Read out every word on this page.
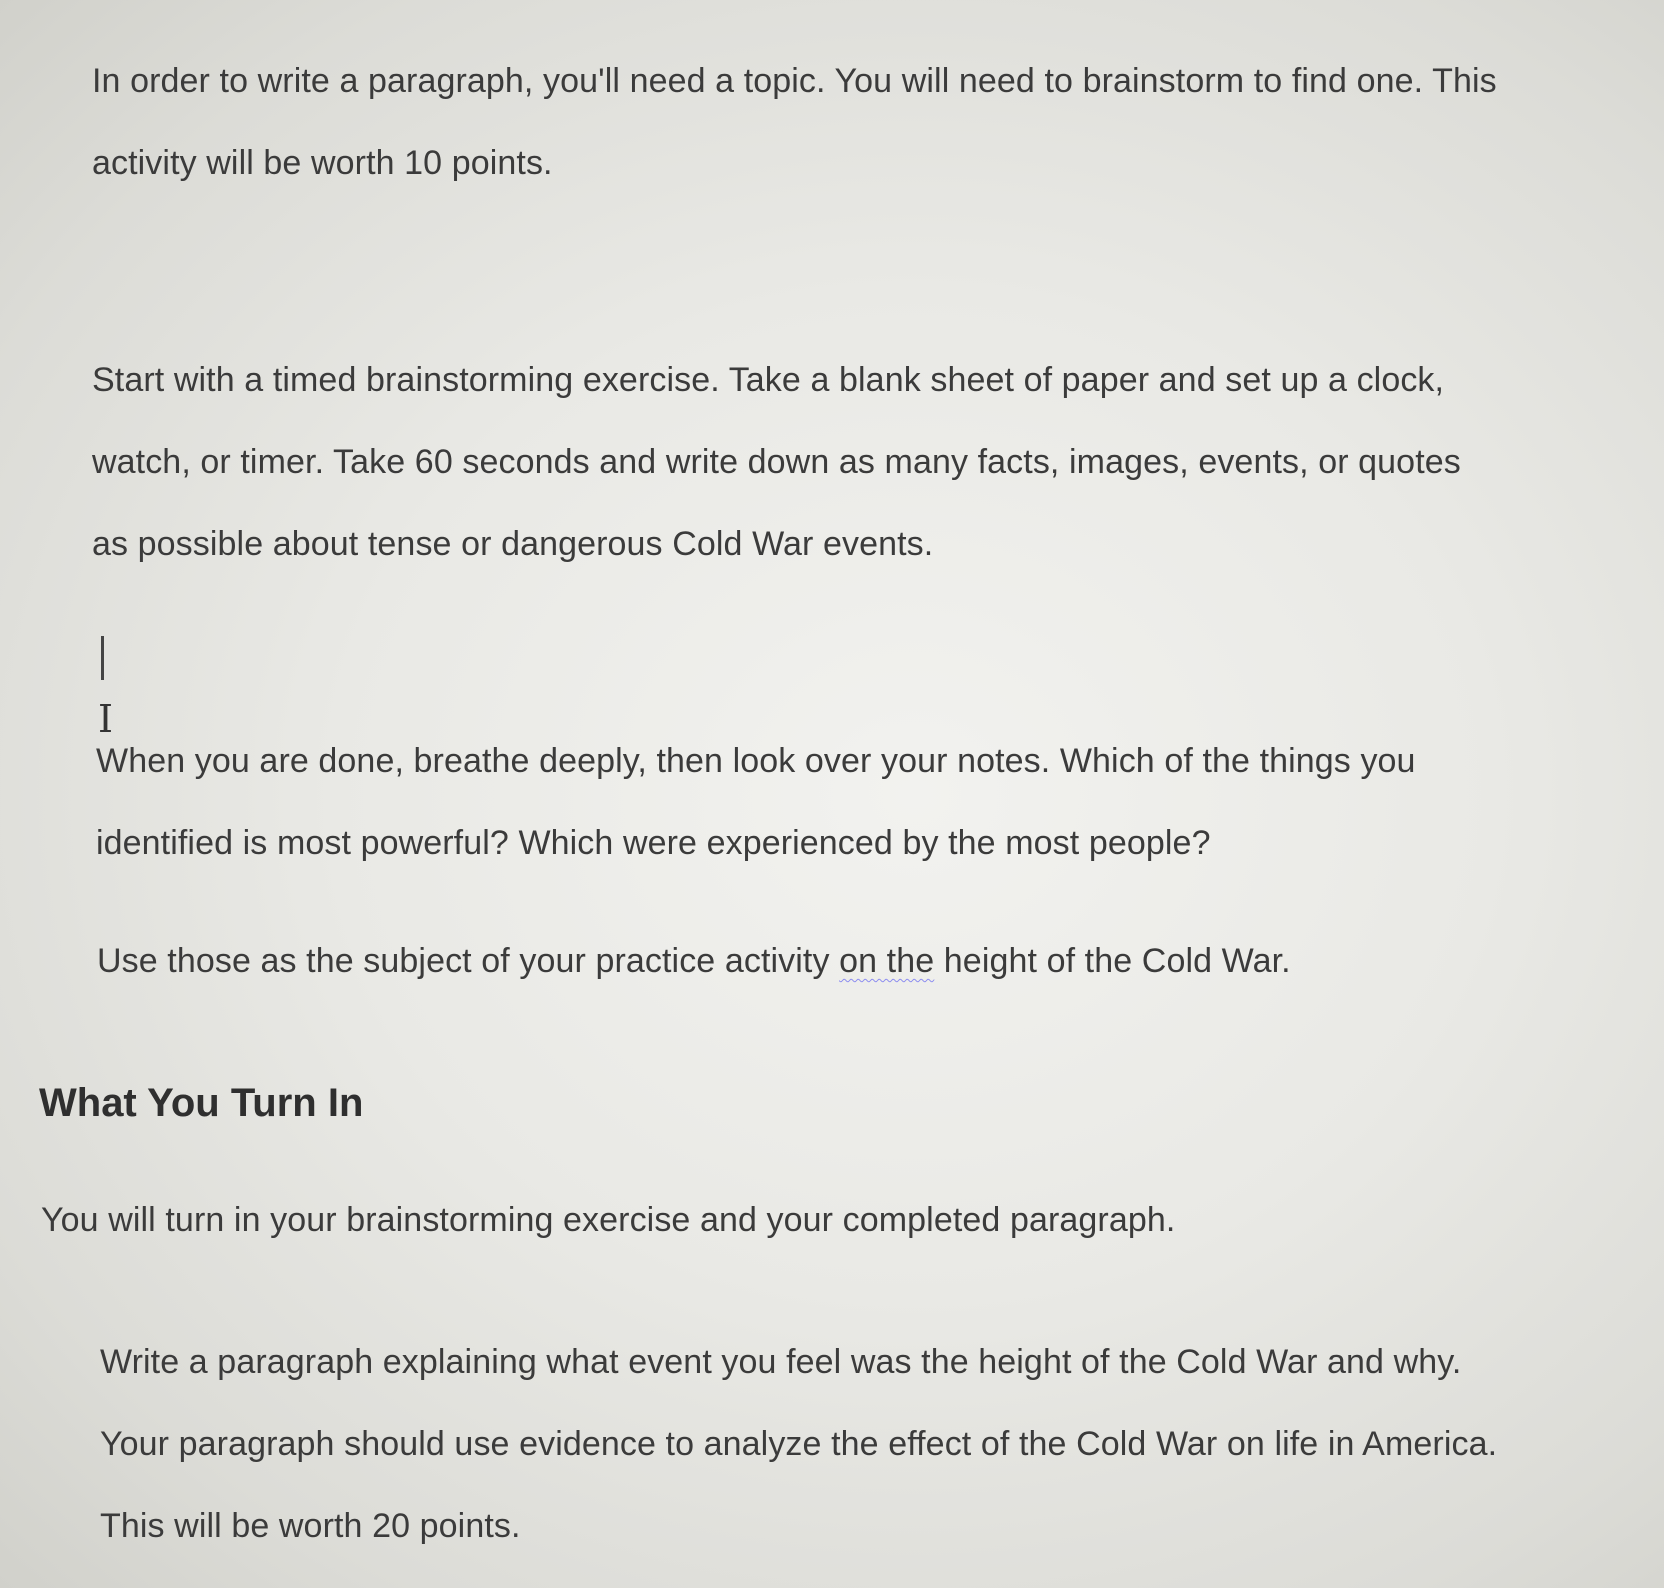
In order to write a paragraph, you'll need a topic. You will need to brainstorm to find one. This
activity will be worth 10 points.

Start with a timed brainstorming exercise. Take a blank sheet of paper and set up a clock,
watch, or timer. Take 60 seconds and write down as many facts, images, events, or quotes
as possible about tense or dangerous Cold War events.

I

When you are done, breathe deeply, then look over your notes. Which of the things you
identified is most powerful? Which were experienced by the most people?

Use those as the subject of your practice activity on the height of the Cold War.

What You Turn In

You will turn in your brainstorming exercise and your completed paragraph.

Write a paragraph explaining what event you feel was the height of the Cold War and why.
Your paragraph should use evidence to analyze the effect of the Cold War on life in America.
This will be worth 20 points.
